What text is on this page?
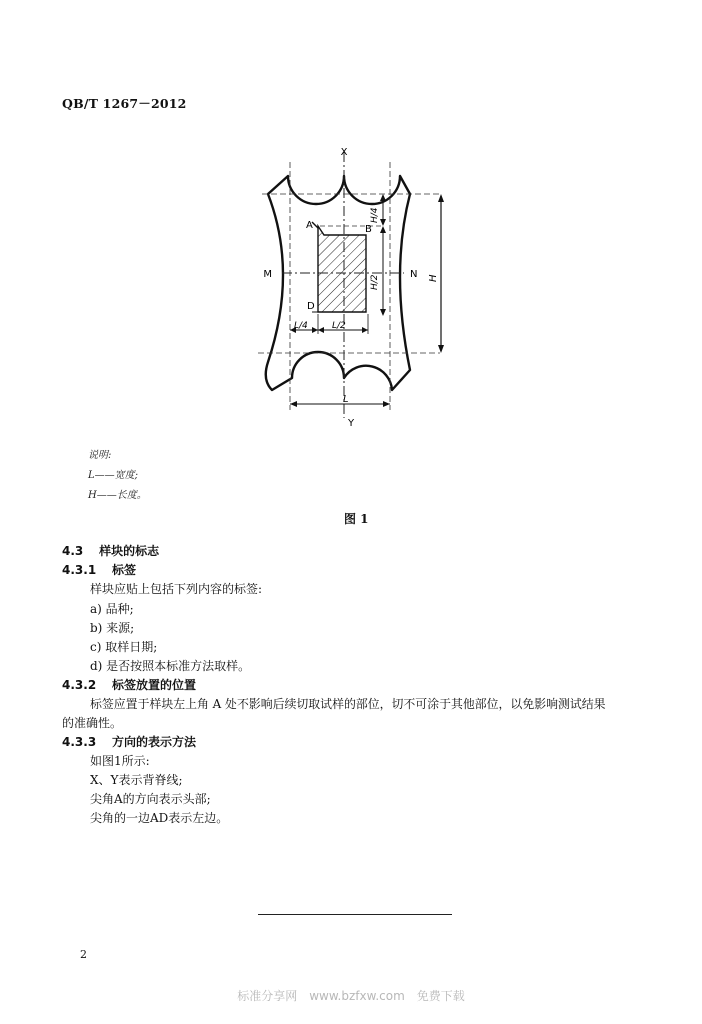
QB/T 1267－2012
X
Y
M	N
A	B
D
H/4
H/2	H
L/4	L/2
L
说明:
L——宽度;
H——长度。
图 1
4.3　 样块的标志
4.3.1　 标签
样块应贴上包括下列内容的标签:
a) 品种;
b) 来源;
c) 取样日期;
d) 是否按照本标准方法取样。
4.3.2　 标签放置的位置
标签应置于样块左上角 A 处不影响后续切取试样的部位，切不可涂于其他部位，以免影响测试结果
的准确性。
4.3.3　 方向的表示方法
如图1所示:
X、Y表示背脊线;
尖角A的方向表示头部;
尖角的一边AD表示左边。
2
标准分享网　www.bzfxw.com　免费下载
